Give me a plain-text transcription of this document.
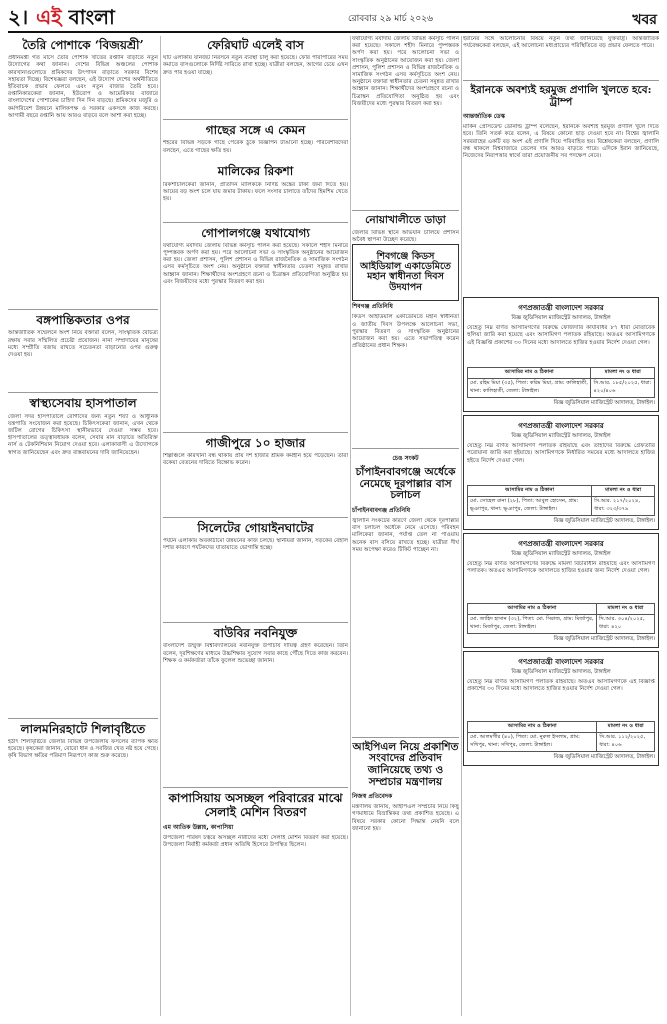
২। এই বাংলা	রোববার ২৯ মার্চ ২০২৬	খবর
তৈরি পোশাকে ‘বিজয়শ্রী’

প্রধানমন্ত্রী গত মাসে তৈরি পোশাক খাতের রপ্তানি বাড়াতে নতুন উদ্যোগের কথা জানান। দেশের বিভিন্ন অঞ্চলের পোশাক কারখানাগুলোতে শ্রমিকদের উৎপাদন বাড়াতে সরকার বিশেষ সহায়তা দিচ্ছে। বিশেষজ্ঞরা বলছেন, এই উদ্যোগ দেশের অর্থনীতিতে ইতিবাচক প্রভাব ফেলবে এবং নতুন বাজার তৈরি হবে। রপ্তানিকারকেরা জানান, ইউরোপ ও আমেরিকার বাজারে বাংলাদেশের পোশাকের চাহিদা দিন দিন বাড়ছে। শ্রমিকদের মজুরি ও কর্মপরিবেশ উন্নয়নে মালিকপক্ষ ও সরকার একসঙ্গে কাজ করছে। আগামী বছরে রপ্তানি আয় আরও বাড়বে বলে আশা করা হচ্ছে।

বঙ্গপান্তিকতার ওপর

আন্তর্জাতিক সম্মেলনে অংশ নিয়ে বক্তারা বলেন, সাংস্কৃতিক বৈচিত্র্য রক্ষায় সবার সম্মিলিত প্রচেষ্টা প্রয়োজন। নানা সম্প্রদায়ের মানুষের মধ্যে সম্প্রীতি বজায় রাখতে সচেতনতা বাড়ানোর ওপর গুরুত্ব দেওয়া হয়।

স্বাস্থ্যসেবায় হাসপাতাল

জেলা সদর হাসপাতালে রোগীদের জন্য নতুন শয্যা ও আধুনিক যন্ত্রপাতি সংযোজন করা হয়েছে। চিকিৎসকেরা জানান, এখন থেকে জটিল রোগের চিকিৎসা স্থানীয়ভাবে দেওয়া সম্ভব হবে। হাসপাতালের তত্ত্বাবধায়ক বলেন, সেবার মান বাড়াতে অতিরিক্ত নার্স ও টেকনিশিয়ান নিয়োগ দেওয়া হবে। এলাকাবাসী এ উদ্যোগকে স্বাগত জানিয়েছেন এবং দ্রুত বাস্তবায়নের দাবি জানিয়েছেন।

লালমনিরহাটে শিলাবৃষ্টিতে

হঠাৎ শিলাবৃষ্টিতে জেলার বিভিন্ন উপজেলায় ফসলের ব্যাপক ক্ষতি হয়েছে। কৃষকেরা জানান, বোরো ধান ও সবজির খেত নষ্ট হয়ে গেছে। কৃষি বিভাগ ক্ষতির পরিমাণ নিরূপণে কাজ শুরু করেছে।

ফেরিঘাট এলেই বাস

ঘাট এলাকায় যানজট নিরসনে নতুন ব্যবস্থা চালু করা হয়েছে। ফেরি পারাপারের সময় কমাতে বাসগুলোকে নির্দিষ্ট সারিতে রাখা হচ্ছে। যাত্রীরা বলছেন, আগের চেয়ে এখন দ্রুত পার হওয়া যাচ্ছে।

গাছের সঙ্গে এ কেমন

শহরের বিভিন্ন সড়কে গাছে পেরেক ঠুকে বিজ্ঞাপন টাঙানো হচ্ছে। পরিবেশবিদেরা বলছেন, এতে গাছের ক্ষতি হয়।

মালিকের রিকশা

রিকশাচালকেরা জানান, প্রতিদিন মালিককে নির্দিষ্ট অঙ্কের টাকা জমা দিতে হয়। আয়ের বড় অংশ চলে যায় জমার টাকায়। ফলে সংসার চালাতে তাঁদের হিমশিম খেতে হয়।

গোপালগঞ্জে যথাযোগ্য

যথাযোগ্য মর্যাদায় জেলায় বিভিন্ন কর্মসূচি পালন করা হয়েছে। সকালে শহীদ মিনারে পুষ্পস্তবক অর্পণ করা হয়। পরে আলোচনা সভা ও সাংস্কৃতিক অনুষ্ঠানের আয়োজন করা হয়। জেলা প্রশাসন, পুলিশ প্রশাসন ও বিভিন্ন রাজনৈতিক ও সামাজিক সংগঠন এসব কর্মসূচিতে অংশ নেয়। অনুষ্ঠানে বক্তারা স্বাধীনতার চেতনা সমুন্নত রাখার আহ্বান জানান। শিক্ষার্থীদের অংশগ্রহণে রচনা ও চিত্রাঙ্কন প্রতিযোগিতা অনুষ্ঠিত হয় এবং বিজয়ীদের মধ্যে পুরস্কার বিতরণ করা হয়।

গাজীপুরে ১০ হাজার

শিল্পাঞ্চলে কারখানা বন্ধ থাকায় প্রায় দশ হাজার শ্রমিক কর্মহীন হয়ে পড়েছেন। তাঁরা বকেয়া বেতনের দাবিতে বিক্ষোভ করেন।

সিলেটের গোয়াইনঘাটের

পর্যটন এলাকায় অবকাঠামো উন্নয়নের কাজ চলছে। স্থানীয়রা জানান, সড়কের বেহাল দশার কারণে পর্যটকদের যাতায়াতে ভোগান্তি হচ্ছে।

বাউবির নবনিযুক্ত

বাংলাদেশ উন্মুক্ত বিশ্ববিদ্যালয়ের নবনিযুক্ত উপাচার্য দায়িত্ব গ্রহণ করেছেন। তিনি বলেন, দূরশিক্ষণের মাধ্যমে উচ্চশিক্ষার সুযোগ সবার কাছে পৌঁছে দিতে কাজ করবেন। শিক্ষক ও কর্মকর্তারা তাঁকে ফুলেল শুভেচ্ছা জানান।

কাপাসিয়ায় অসচ্ছল পরিবারের মাঝে সেলাই মেশিন বিতরণ
এম আতিক উল্লাহ, কাপাসিয়া

উপজেলা পরিষদ চত্বরে অসচ্ছল নারীদের মধ্যে সেলাই মেশিন বিতরণ করা হয়েছে। উপজেলা নির্বাহী কর্মকর্তা প্রধান অতিথি হিসেবে উপস্থিত ছিলেন।

যথাযোগ্য মর্যাদায় জেলায় বিভিন্ন কর্মসূচি পালন করা হয়েছে। সকালে শহীদ মিনারে পুষ্পস্তবক অর্পণ করা হয়। পরে আলোচনা সভা ও সাংস্কৃতিক অনুষ্ঠানের আয়োজন করা হয়। জেলা প্রশাসন, পুলিশ প্রশাসন ও বিভিন্ন রাজনৈতিক ও সামাজিক সংগঠন এসব কর্মসূচিতে অংশ নেয়। অনুষ্ঠানে বক্তারা স্বাধীনতার চেতনা সমুন্নত রাখার আহ্বান জানান। শিক্ষার্থীদের অংশগ্রহণে রচনা ও চিত্রাঙ্কন প্রতিযোগিতা অনুষ্ঠিত হয় এবং বিজয়ীদের মধ্যে পুরস্কার বিতরণ করা হয়।

নোয়াখালীতে ডাড়া

জেলার বিভিন্ন স্থানে অভিযান চালিয়ে প্রশাসন অবৈধ স্থাপনা উচ্ছেদ করেছে।

শিবগঞ্জে কিডস আইডিয়াল একাডেমিতে মহান স্বাধীনতা দিবস উদযাপন
শিবগঞ্জ প্রতিনিধি

কিডস আইডিয়াল একাডেমিতে মহান স্বাধীনতা ও জাতীয় দিবস উপলক্ষে আলোচনা সভা, পুরস্কার বিতরণ ও সাংস্কৃতিক অনুষ্ঠানের আয়োজন করা হয়। এতে সভাপতিত্ব করেন প্রতিষ্ঠানের প্রধান শিক্ষক।

চেঙ সংকট
চাঁপাইনবাবগঞ্জে অর্ধেকে নেমেছে দূরপাল্লার বাস চলাচল
চাঁপাইনবাবগঞ্জ প্রতিনিধি

জ্বালানি সংকটের কারণে জেলা থেকে দূরপাল্লার বাস চলাচল অর্ধেকে নেমে এসেছে। পরিবহন মালিকেরা জানান, পর্যাপ্ত তেল না পাওয়ায় অনেক বাস বসিয়ে রাখতে হচ্ছে। যাত্রীরা দীর্ঘ সময় অপেক্ষা করেও টিকিট পাচ্ছেন না।

আইপিএল নিয়ে প্রকাশিত সংবাদের প্রতিবাদ জানিয়েছে তথ্য ও সম্প্রচার মন্ত্রণালয়
নিজস্ব প্রতিবেদক

মন্ত্রণালয় জানায়, আইপিএল সম্প্রচার নিয়ে কিছু গণমাধ্যমে বিভ্রান্তিকর তথ্য প্রকাশিত হয়েছে। এ বিষয়ে সরকার কোনো সিদ্ধান্ত নেয়নি বলে জানানো হয়।

ইরানের সঙ্গে আলোচনার বিষয়ে নতুন তথ্য জানিয়েছে যুক্তরাষ্ট্র। আন্তর্জাতিক পর্যবেক্ষকেরা বলছেন, এই আলোচনা মধ্যপ্রাচ্যের পরিস্থিতিতে বড় প্রভাব ফেলতে পারে।

ইরানকে অবশ্যই হরমুজ প্রণালি খুলতে হবে: ট্রাম্প
আন্তর্জাতিক ডেস্ক

মার্কিন প্রেসিডেন্ট ডোনাল্ড ট্রাম্প বলেছেন, ইরানকে অবশ্যই হরমুজ প্রণালি খুলে দিতে হবে। তিনি সতর্ক করে বলেন, এ বিষয়ে কোনো ছাড় দেওয়া হবে না। বিশ্বের জ্বালানি সরবরাহের একটি বড় অংশ এই প্রণালি দিয়ে পরিবাহিত হয়। বিশ্লেষকেরা বলছেন, প্রণালি বন্ধ থাকলে বিশ্ববাজারে তেলের দাম আরও বাড়তে পারে। এদিকে ইরান জানিয়েছে, নিজেদের নিরাপত্তার স্বার্থে তারা প্রয়োজনীয় সব পদক্ষেপ নেবে।

গণপ্রজাতন্ত্রী বাংলাদেশ সরকার
বিজ্ঞ জুডিসিয়াল ম্যাজিস্ট্রেট আদালত, টাঙ্গাইল

যেহেতু নিম্ন বর্ণিত আসামিগণের বিরুদ্ধে ফৌজদারি কার্যবিধির ৮৭ ধারা মোতাবেক হুলিয়া জারি করা হয়েছে এবং আসামিগণ পলাতক রহিয়াছে। অতএব আসামিগণকে এই বিজ্ঞপ্তি প্রকাশের ৩০ দিনের মধ্যে আদালতে হাজির হওয়ার নির্দেশ দেওয়া গেল।

আসামির নাম ও ঠিকানা	মামলা নং ও ধারা
মো. রহিম মিয়া (৩৫), পিতা: করিম মিয়া, গ্রাম: কালিহাতী, থানা: কালিহাতী, জেলা: টাঙ্গাইল।	সি.আর. ১৮৫/২০২৫, ধারা: ৪২০/৪০৬
বিজ্ঞ জুডিসিয়াল ম্যাজিস্ট্রেট আদালত, টাঙ্গাইল।
গণপ্রজাতন্ত্রী বাংলাদেশ সরকার
বিজ্ঞ জুডিসিয়াল ম্যাজিস্ট্রেট আদালত, টাঙ্গাইল

যেহেতু নিম্ন বর্ণিত আসামিগণ পলাতক রহিয়াছে এবং তাহাদের বিরুদ্ধে গ্রেফতারি পরোয়ানা জারি করা হইয়াছে। আসামিগণকে নির্ধারিত সময়ের মধ্যে আদালতে হাজির হইতে নির্দেশ দেওয়া গেল।

আসামির নাম ও ঠিকানা	মামলা নং ও ধারা
মো. সোহেল রানা (২৮), পিতা: আবুল হোসেন, গ্রাম: ভূঞাপুর, থানা: ভূঞাপুর, জেলা: টাঙ্গাইল।	সি.আর. ২১৭/২০২৪, ধারা: ৩২৩/৩৭৯
বিজ্ঞ জুডিসিয়াল ম্যাজিস্ট্রেট আদালত, টাঙ্গাইল।
গণপ্রজাতন্ত্রী বাংলাদেশ সরকার
বিজ্ঞ জুডিসিয়াল ম্যাজিস্ট্রেট আদালত, টাঙ্গাইল

যেহেতু নিম্ন বর্ণিত আসামিগণের বিরুদ্ধে মামলা বিচারাধীন রহিয়াছে এবং আসামিগণ পলাতক। অতএব আসামিগণকে আদালতে হাজির হওয়ার জন্য নির্দেশ দেওয়া গেল।

আসামির নাম ও ঠিকানা	মামলা নং ও ধারা
মো. জাহিদ হাসান (৩২), পিতা: মো. সিরাজ, গ্রাম: মির্জাপুর, থানা: মির্জাপুর, জেলা: টাঙ্গাইল।	সি.আর. ৩০৪/২০২৫, ধারা: ৪২০
বিজ্ঞ জুডিসিয়াল ম্যাজিস্ট্রেট আদালত, টাঙ্গাইল।
গণপ্রজাতন্ত্রী বাংলাদেশ সরকার
বিজ্ঞ জুডিসিয়াল ম্যাজিস্ট্রেট আদালত, টাঙ্গাইল

যেহেতু নিম্ন বর্ণিত আসামিগণ পলাতক রহিয়াছে। অতএব আসামিগণকে এই বিজ্ঞপ্তি প্রকাশের ৩০ দিনের মধ্যে আদালতে হাজির হওয়ার নির্দেশ দেওয়া গেল।

আসামির নাম ও ঠিকানা	মামলা নং ও ধারা
মো. আলমগীর (৪০), পিতা: মো. নুরুল ইসলাম, গ্রাম: সখিপুর, থানা: সখিপুর, জেলা: টাঙ্গাইল।	সি.আর. ১১২/২০২৫, ধারা: ৪০৬
বিজ্ঞ জুডিসিয়াল ম্যাজিস্ট্রেট আদালত, টাঙ্গাইল।
